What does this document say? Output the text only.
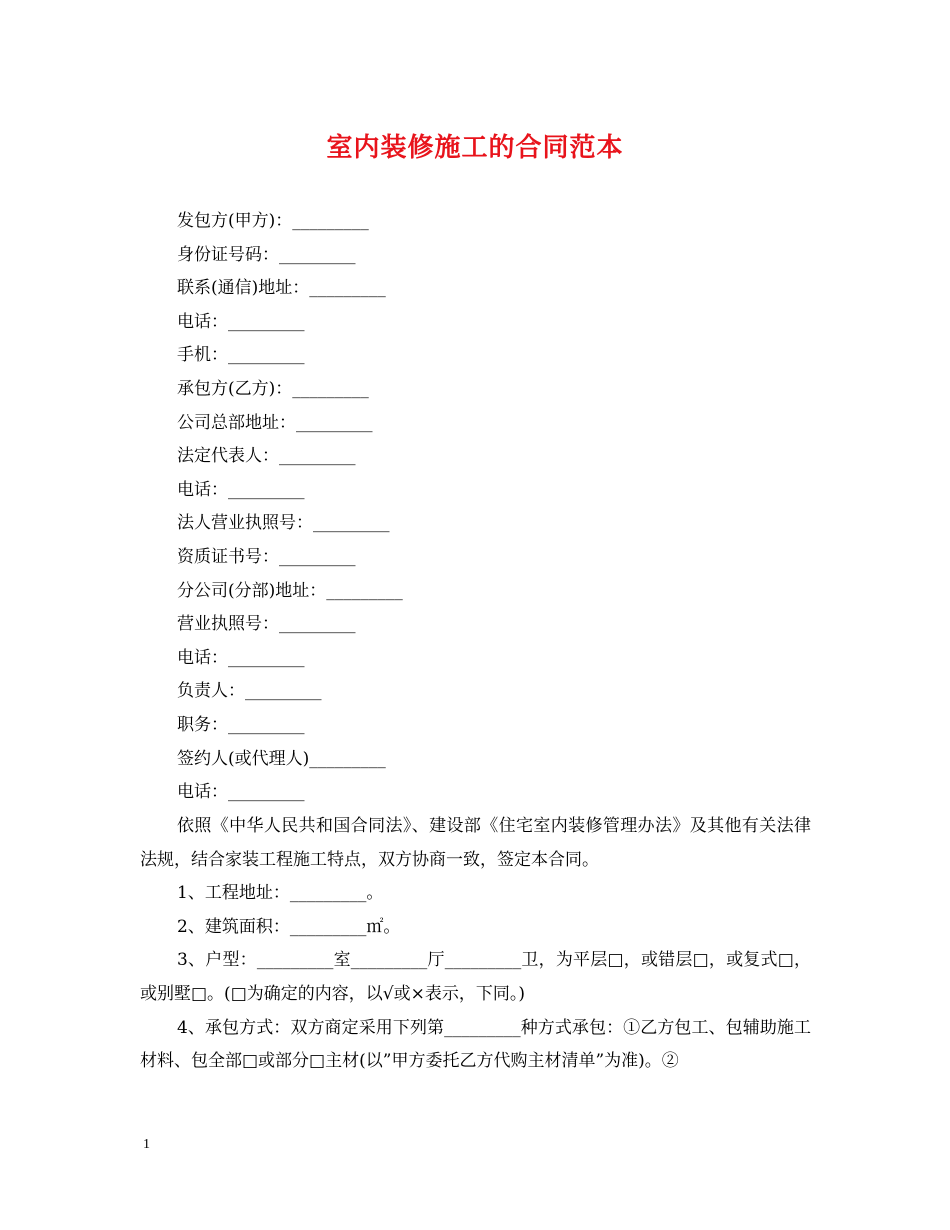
室内装修施工的合同范本
发包方(甲方)：_________
身份证号码：_________
联系(通信)地址：_________
电话：_________
手机：_________
承包方(乙方)：_________
公司总部地址：_________
法定代表人：_________
电话：_________
法人营业执照号：_________
资质证书号：_________
分公司(分部)地址：_________
营业执照号：_________
电话：_________
负责人：_________
职务：_________
签约人(或代理人)_________
电话：_________

依照《中华人民共和国合同法》、建设部《住宅室内装修管理办法》及其他有关法律法规，结合家装工程施工特点，双方协商一致，签定本合同。

1、工程地址：_________。

2、建筑面积：_________㎡。

3、户型：_________室_________厅_________卫，为平层□，或错层□，或复式□，或别墅□。(□为确定的内容，以√或×表示，下同。)

4、承包方式：双方商定采用下列第_________种方式承包：①乙方包工、包辅助施工材料、包全部□或部分□主材(以”甲方委托乙方代购主材清单”为准)。②

1
